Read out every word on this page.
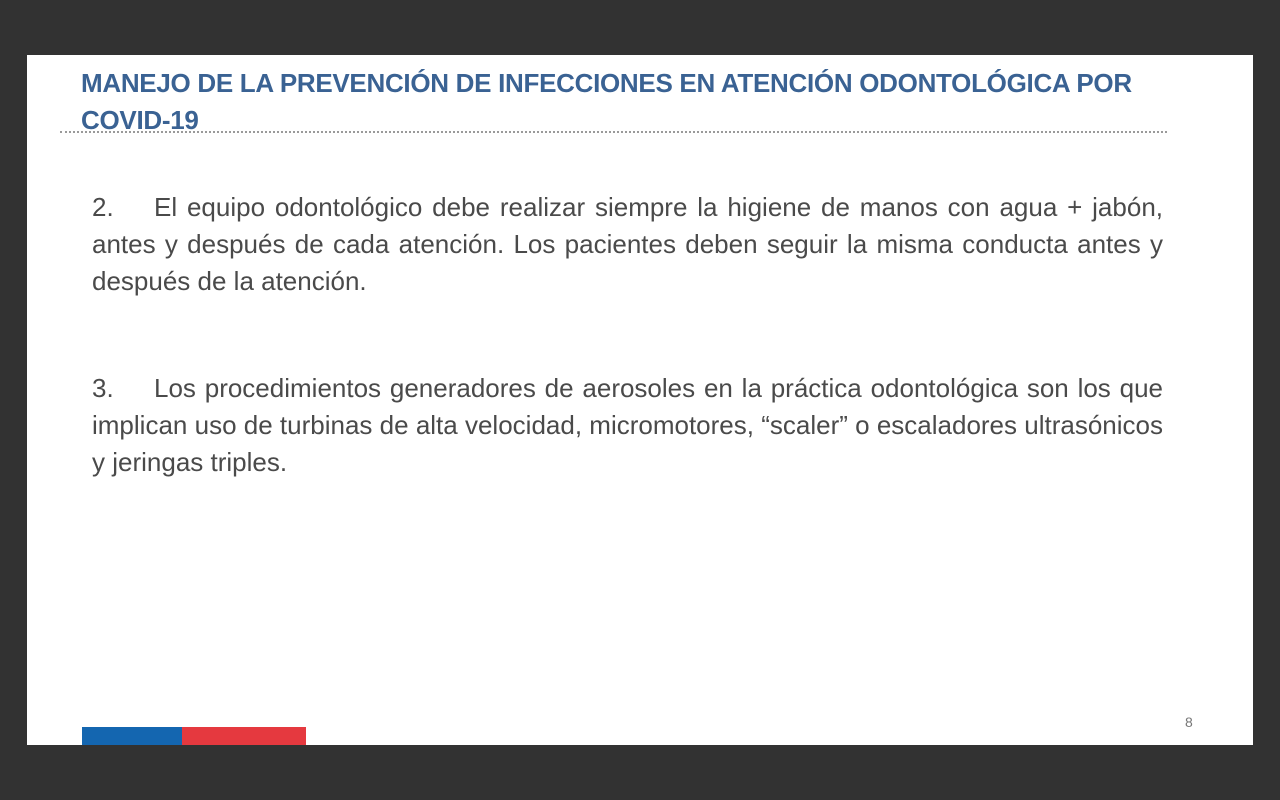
MANEJO DE LA PREVENCIÓN DE INFECCIONES EN ATENCIÓN ODONTOLÓGICA POR COVID-19

2. El equipo odontológico debe realizar siempre la higiene de manos con agua + jabón, antes y después de cada atención. Los pacientes deben seguir la misma conducta antes y después de la atención.

3. Los procedimientos generadores de aerosoles en la práctica odontológica son los que implican uso de turbinas de alta velocidad, micromotores, “scaler” o escaladores ultrasónicos y jeringas triples.

8
